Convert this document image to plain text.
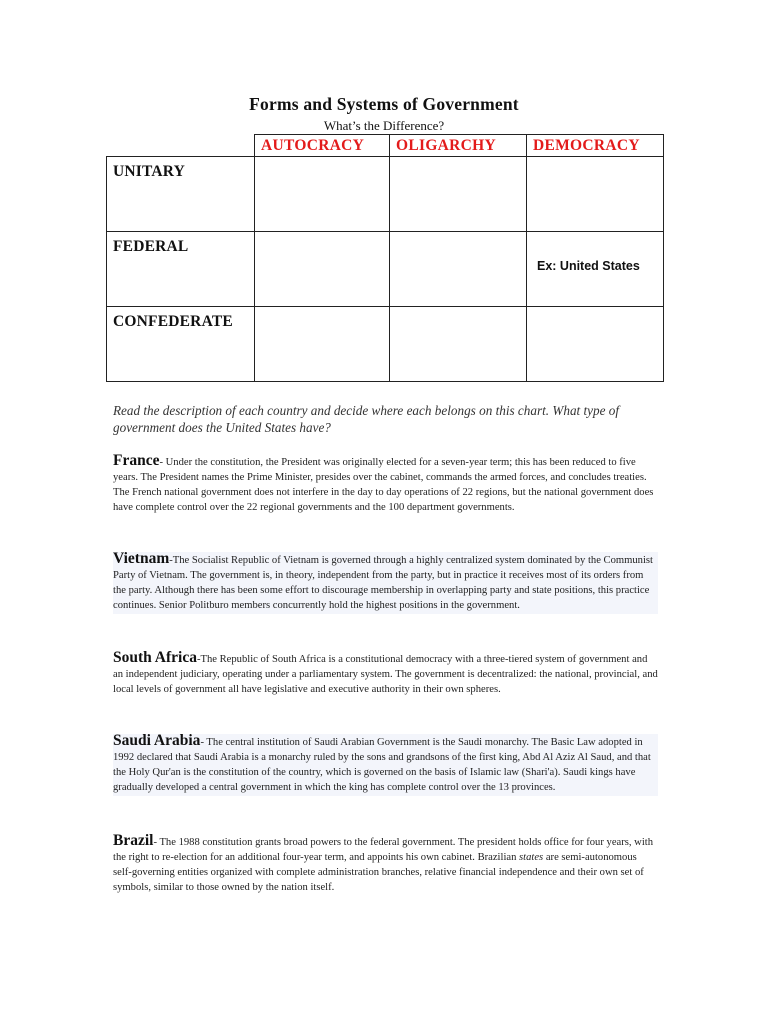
Forms and Systems of Government
What’s the Difference?

	AUTOCRACY	OLIGARCHY	DEMOCRACY

UNITARY			

FEDERAL			Ex: United States

CONFEDERATE			

Read the description of each country and decide where each belongs on this chart. What type of government does the United States have?
France- Under the constitution, the President was originally elected for a seven-year term; this has been reduced to five years. The President names the Prime Minister, presides over the cabinet, commands the armed forces, and concludes treaties. The French national government does not interfere in the day to day operations of 22 regions, but the national government does have complete control over the 22 regional governments and the 100 department governments.
Vietnam-The Socialist Republic of Vietnam is governed through a highly centralized system dominated by the Communist Party of Vietnam. The government is, in theory, independent from the party, but in practice it receives most of its orders from the party. Although there has been some effort to discourage membership in overlapping party and state positions, this practice continues. Senior Politburo members concurrently hold the highest positions in the government.
South Africa-The Republic of South Africa is a constitutional democracy with a three-tiered system of government and an independent judiciary, operating under a parliamentary system. The government is decentralized: the national, provincial, and local levels of government all have legislative and executive authority in their own spheres.
Saudi Arabia- The central institution of Saudi Arabian Government is the Saudi monarchy. The Basic Law adopted in 1992 declared that Saudi Arabia is a monarchy ruled by the sons and grandsons of the first king, Abd Al Aziz Al Saud, and that the Holy Qur'an is the constitution of the country, which is governed on the basis of Islamic law (Shari'a). Saudi kings have gradually developed a central government in which the king has complete control over the 13 provinces.
Brazil- The 1988 constitution grants broad powers to the federal government. The president holds office for four years, with the right to re-election for an additional four-year term, and appoints his own cabinet. Brazilian states are semi-autonomous self-governing entities organized with complete administration branches, relative financial independence and their own set of symbols, similar to those owned by the nation itself.
